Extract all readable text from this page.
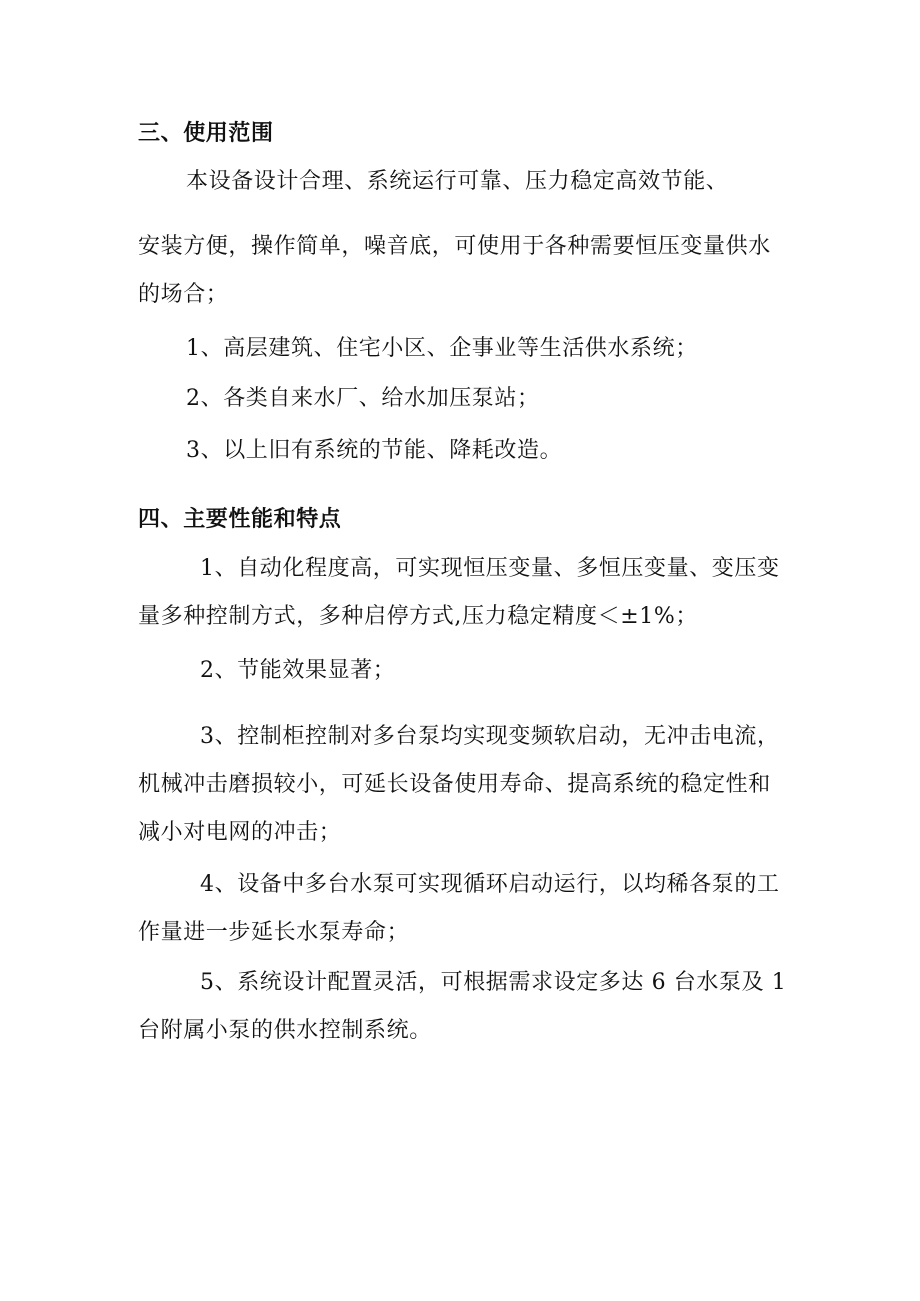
三、使用范围
本设备设计合理、系统运行可靠、压力稳定高效节能、
安装方便，操作简单，噪音底，可使用于各种需要恒压变量供水
的场合；
1、高层建筑、住宅小区、企事业等生活供水系统；
2、各类自来水厂、给水加压泵站；
3、以上旧有系统的节能、降耗改造。
四、主要性能和特点
1、自动化程度高，可实现恒压变量、多恒压变量、变压变
量多种控制方式，多种启停方式,压力稳定精度＜±1%；
2、节能效果显著；
3、控制柜控制对多台泵均实现变频软启动，无冲击电流，
机械冲击磨损较小，可延长设备使用寿命、提高系统的稳定性和
减小对电网的冲击；
4、设备中多台水泵可实现循环启动运行，以均稀各泵的工
作量进一步延长水泵寿命；
5、系统设计配置灵活，可根据需求设定多达 6 台水泵及 1
台附属小泵的供水控制系统。
